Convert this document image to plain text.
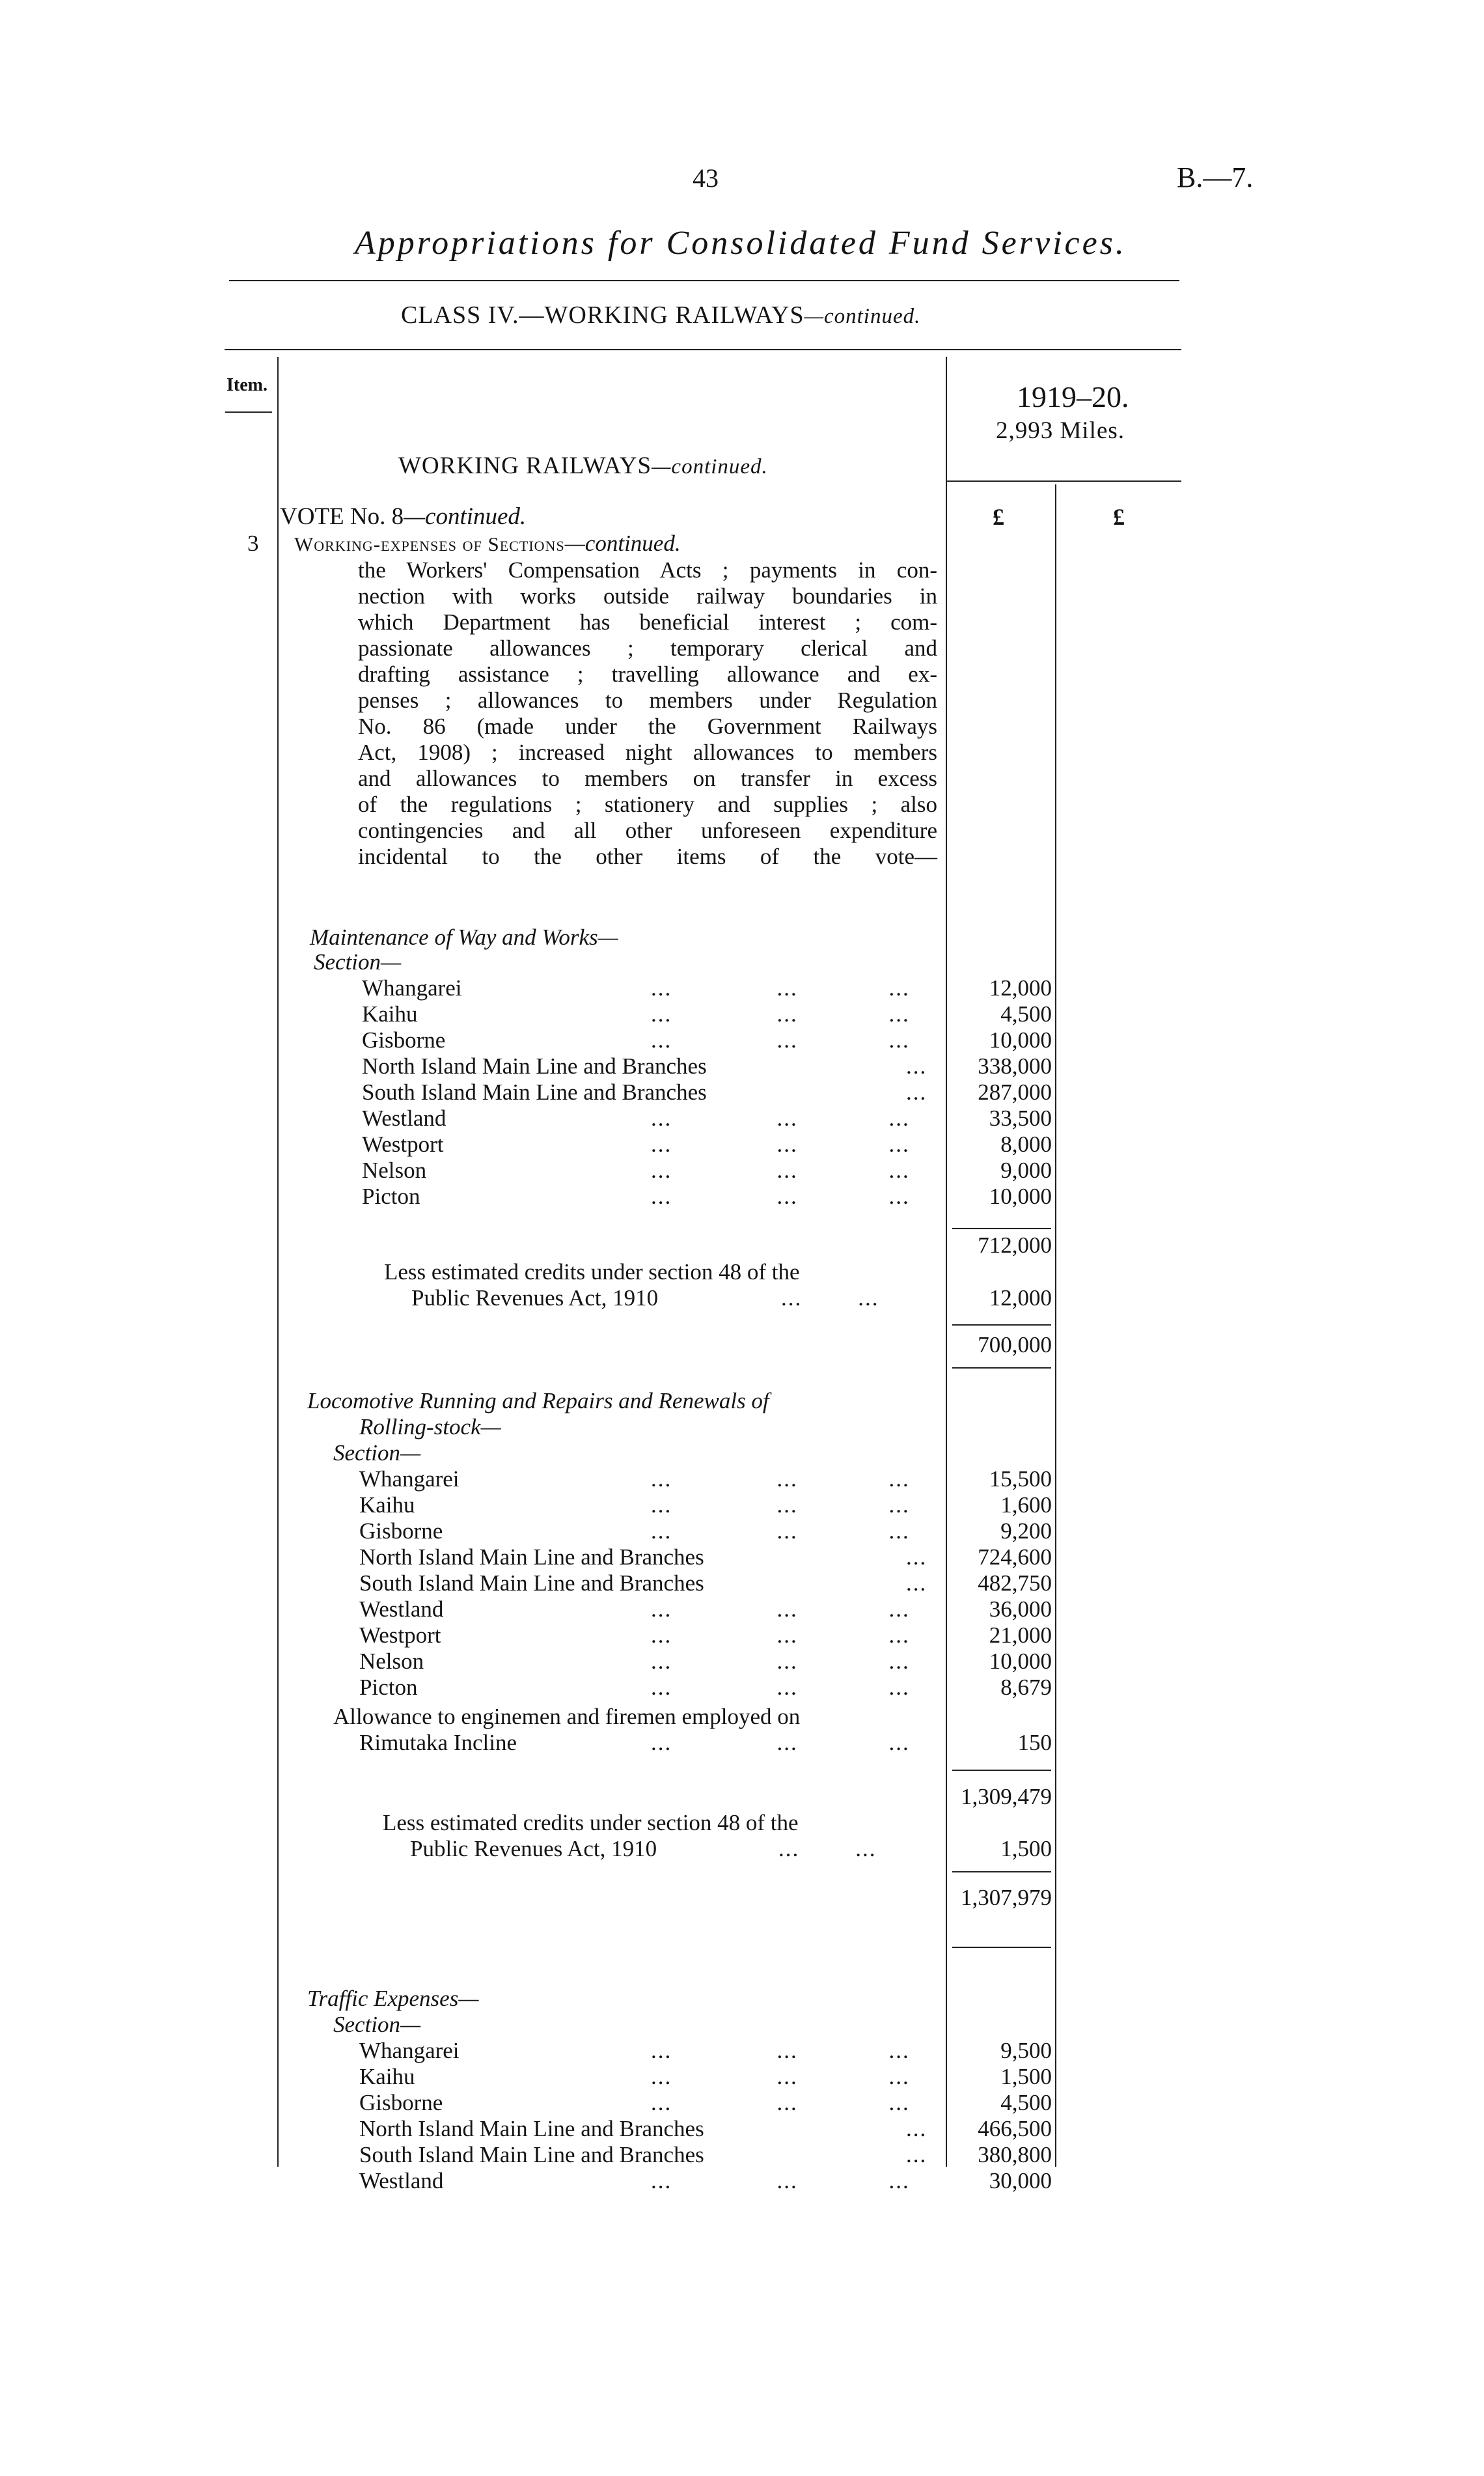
43	B.—7.
Appropriations for Consolidated Fund Services.
CLASS IV.—WORKING RAILWAYS—continued.
Item.	1919–20.
2,993 Miles.
WORKING RAILWAYS—continued.
£	£
VOTE No. 8—continued.
3 Working-expenses of Sections—continued.
the Workers' Compensation Acts ; payments in con-
nection with works outside railway boundaries in
which Department has beneficial interest ; com-
passionate allowances ; temporary clerical and
drafting assistance ; travelling allowance and ex-
penses ; allowances to members under Regulation
No. 86 (made under the Government Railways
Act, 1908) ; increased night allowances to members
and allowances to members on transfer in excess
of the regulations ; stationery and supplies ; also
contingencies and all other unforeseen expenditure
incidental to the other items of the vote—
Maintenance of Way and Works—
Section—
Whangarei	...               ...             ...	12,000
Kaihu	...               ...             ...	4,500
Gisborne	...               ...             ...	10,000
North Island Main Line and Branches	...	338,000
South Island Main Line and Branches	...	287,000
Westland	...               ...             ...	33,500
Westport	...               ...             ...	8,000
Nelson	...               ...             ...	9,000
Picton	...               ...             ...	10,000
712,000
Less estimated credits under section 48 of the
Public Revenues Act, 1910	...        ...	12,000
700,000
Locomotive Running and Repairs and Renewals of
Rolling-stock—
Section—
Whangarei	...               ...             ...	15,500
Kaihu	...               ...             ...	1,600
Gisborne	...               ...             ...	9,200
North Island Main Line and Branches	...	724,600
South Island Main Line and Branches	...	482,750
Westland	...               ...             ...	36,000
Westport	...               ...             ...	21,000
Nelson	...               ...             ...	10,000
Picton	...               ...             ...	8,679
Allowance to enginemen and firemen employed on
Rimutaka Incline	...               ...             ...	150
1,309,479
Less estimated credits under section 48 of the
Public Revenues Act, 1910	...        ...	1,500
1,307,979
Traffic Expenses—
Section—
Whangarei	...               ...             ...	9,500
Kaihu	...               ...             ...	1,500
Gisborne	...               ...             ...	4,500
North Island Main Line and Branches	...	466,500
South Island Main Line and Branches	...	380,800
Westland	...               ...             ...	30,000
